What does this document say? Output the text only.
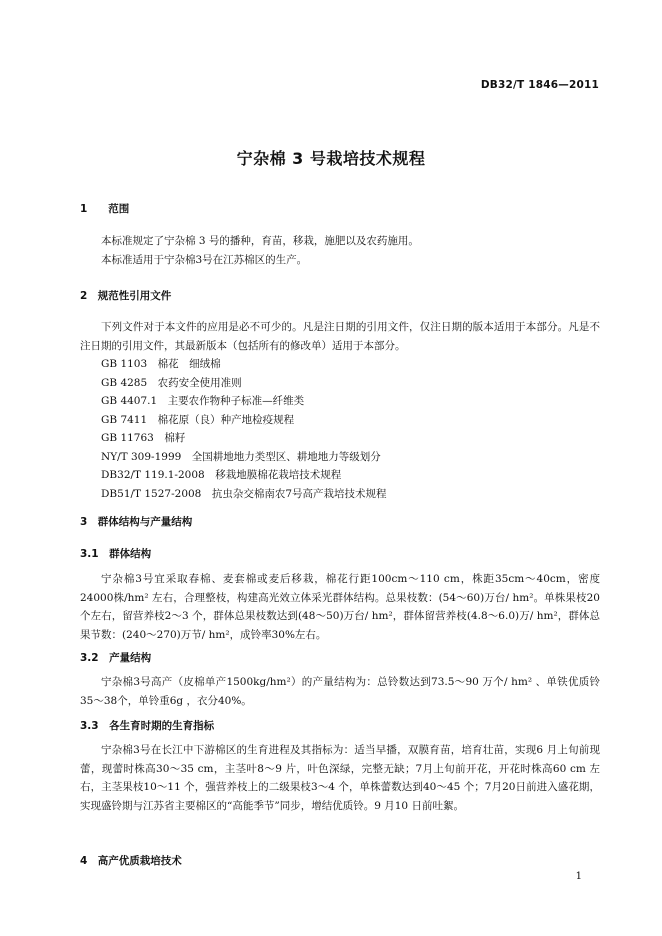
DB32/T 1846—2011
宁杂棉 3 号栽培技术规程
1　　范围

本标准规定了宁杂棉 3 号的播种，育苗，移栽，施肥以及农药施用。

本标准适用于宁杂棉3号在江苏棉区的生产。

2　规范性引用文件

下列文件对于本文件的应用是必不可少的。凡是注日期的引用文件，仅注日期的版本适用于本部分。凡是不注日期的引用文件，其最新版本（包括所有的修改单）适用于本部分。

GB 1103　棉花　细绒棉
GB 4285　农药安全使用准则
GB 4407.1　主要农作物种子标准—纤维类
GB 7411　棉花原（良）种产地检疫规程
GB 11763　棉籽
NY/T 309-1999　全国耕地地力类型区、耕地地力等级划分
DB32/T 119.1-2008　移栽地膜棉花栽培技术规程
DB51/T 1527-2008　抗虫杂交棉南农7号高产栽培技术规程
3　群体结构与产量结构
3.1　群体结构

宁杂棉3号宜采取春棉、麦套棉或麦后移栽，棉花行距100cm～110 cm，株距35cm～40cm，密度24000株/hm² 左右，合理整枝，构建高光效立体采光群体结构。总果枝数：(54～60)万台/ hm²。单株果枝20 个左右，留营养枝2～3 个，群体总果枝数达到(48～50)万台/ hm²，群体留营养枝(4.8～6.0)万/ hm²，群体总果节数：(240～270)万节/ hm²，成铃率30%左右。

3.2　产量结构

宁杂棉3号高产（皮棉单产1500kg/hm²）的产量结构为：总铃数达到73.5～90 万个/ hm² 、单铁优质铃35～38个，单铃重6g ，衣分40%。

3.3　各生育时期的生育指标

宁杂棉3号在长江中下游棉区的生育进程及其指标为：适当早播，双膜育苗，培育壮苗，实现6 月上旬前现蕾，现蕾时株高30～35 cm，主茎叶8～9 片，叶色深绿，完整无缺；7月上旬前开花，开花时株高60 cm 左右，主茎果枝10～11 个，强营养枝上的二级果枝3～4 个，单株蕾数达到40～45 个；7月20日前进入盛花期，实现盛铃期与江苏省主要棉区的“高能季节”同步，增结优质铃。9 月10 日前吐絮。

4　高产优质栽培技术
1
